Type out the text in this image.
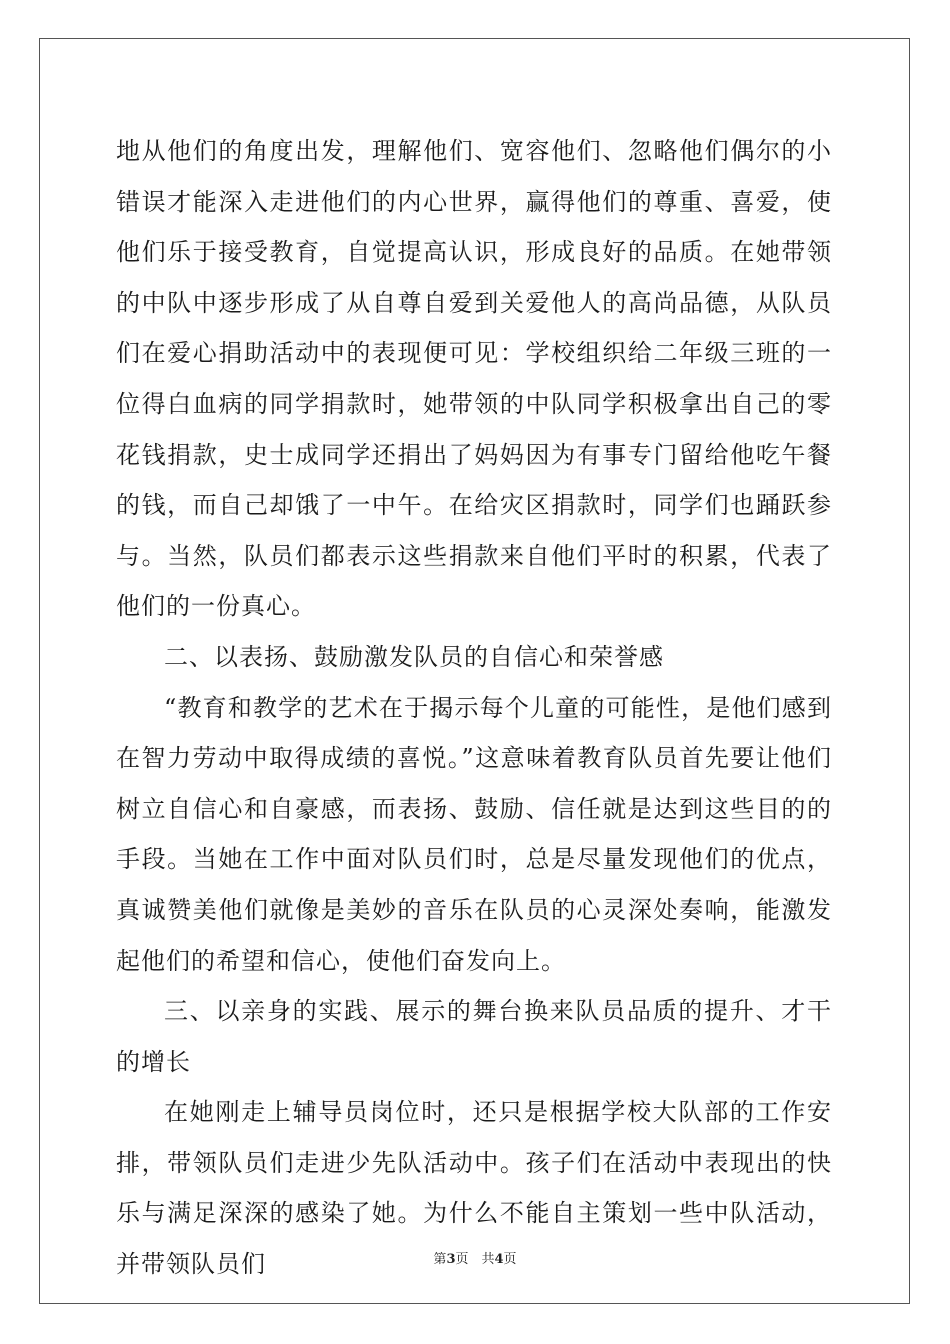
地从他们的角度出发，理解他们、宽容他们、忽略他们偶尔的小错误才能深入走进他们的内心世界，赢得他们的尊重、喜爱，使他们乐于接受教育，自觉提高认识，形成良好的品质。在她带领的中队中逐步形成了从自尊自爱到关爱他人的高尚品德，从队员们在爱心捐助活动中的表现便可见：学校组织给二年级三班的一位得白血病的同学捐款时，她带领的中队同学积极拿出自己的零花钱捐款，史士成同学还捐出了妈妈因为有事专门留给他吃午餐的钱，而自己却饿了一中午。在给灾区捐款时，同学们也踊跃参与。当然，队员们都表示这些捐款来自他们平时的积累，代表了他们的一份真心。

二、以表扬、鼓励激发队员的自信心和荣誉感

“教育和教学的艺术在于揭示每个儿童的可能性，是他们感到在智力劳动中取得成绩的喜悦。”这意味着教育队员首先要让他们树立自信心和自豪感，而表扬、鼓励、信任就是达到这些目的的手段。当她在工作中面对队员们时，总是尽量发现他们的优点，真诚赞美他们就像是美妙的音乐在队员的心灵深处奏响，能激发起他们的希望和信心，使他们奋发向上。

三、以亲身的实践、展示的舞台换来队员品质的提升、才干的增长

在她刚走上辅导员岗位时，还只是根据学校大队部的工作安排，带领队员们走进少先队活动中。孩子们在活动中表现出的快乐与满足深深的感染了她。为什么不能自主策划一些中队活动，并带领队员们	第3页　共4页
